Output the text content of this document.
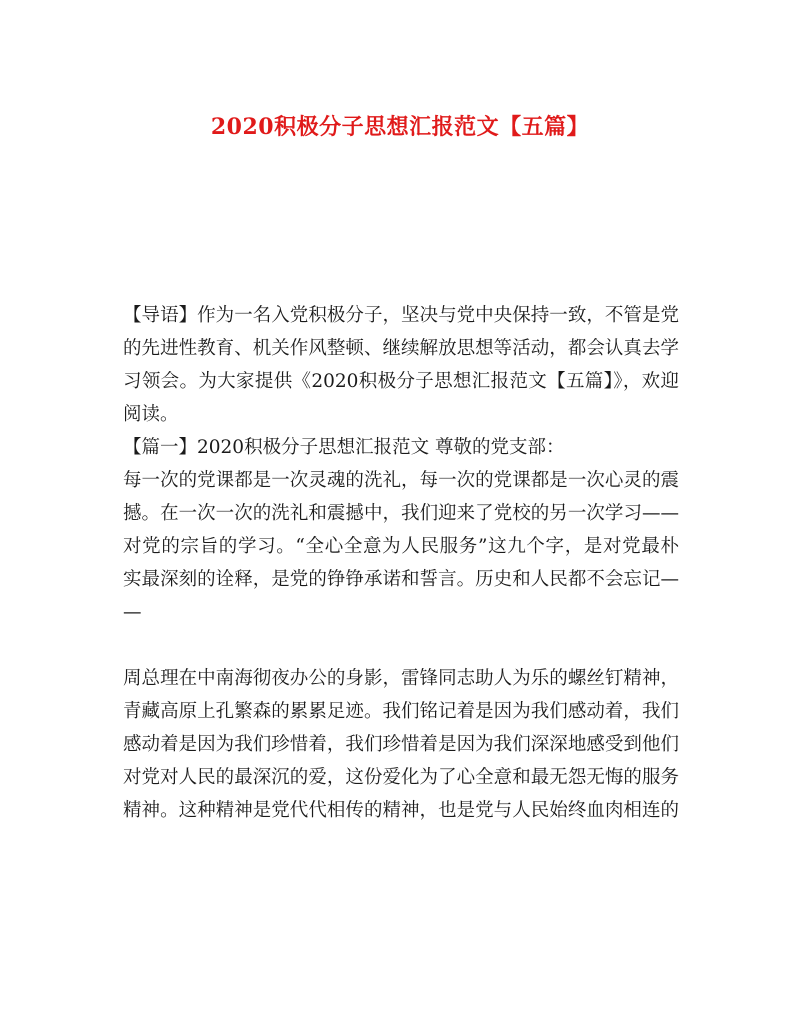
2020积极分子思想汇报范文【五篇】
【导语】作为一名入党积极分子，坚决与党中央保持一致，不管是党
的先进性教育、机关作风整顿、继续解放思想等活动，都会认真去学
习领会。为大家提供《2020积极分子思想汇报范文【五篇】》，欢迎
阅读。
【篇一】2020积极分子思想汇报范文 尊敬的党支部：
每一次的党课都是一次灵魂的洗礼，每一次的党课都是一次心灵的震
撼。在一次一次的洗礼和震撼中，我们迎来了党校的另一次学习——
对党的宗旨的学习。“全心全意为人民服务”这九个字，是对党最朴
实最深刻的诠释，是党的铮铮承诺和誓言。历史和人民都不会忘记—
—
周总理在中南海彻夜办公的身影，雷锋同志助人为乐的螺丝钉精神，
青藏高原上孔繁森的累累足迹。我们铭记着是因为我们感动着，我们
感动着是因为我们珍惜着，我们珍惜着是因为我们深深地感受到他们
对党对人民的最深沉的爱，这份爱化为了心全意和最无怨无悔的服务
精神。这种精神是党代代相传的精神，也是党与人民始终血肉相连的
